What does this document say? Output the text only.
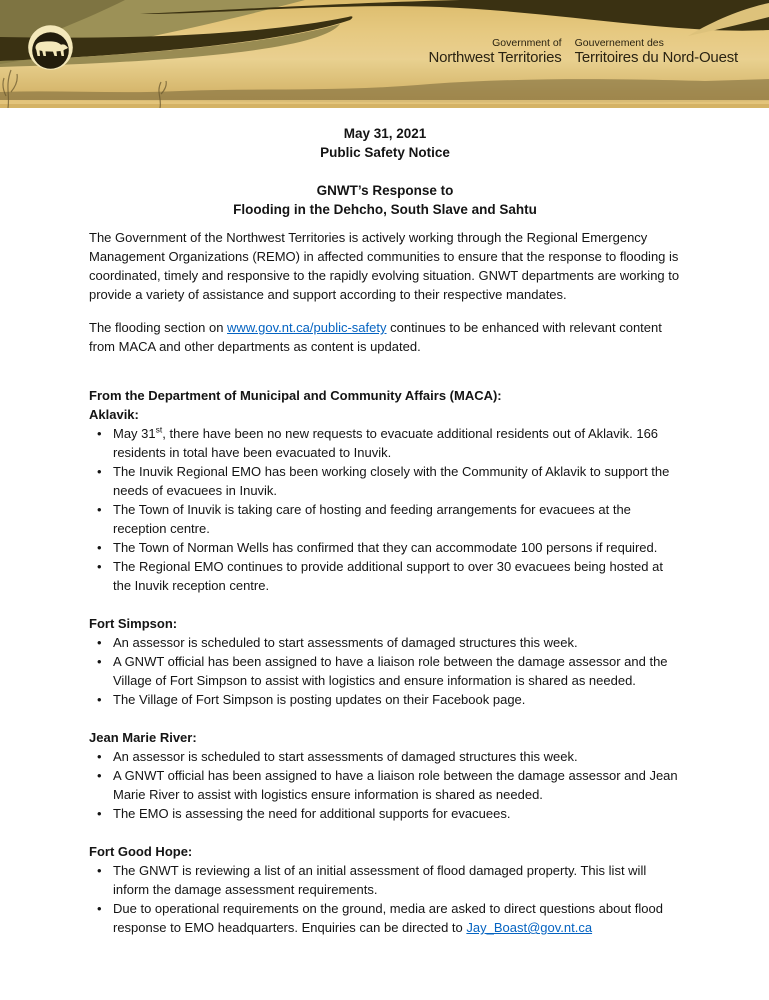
Government of
Northwest Territories
Gouvernement des
Territoires du Nord-Ouest
May 31, 2021
Public Safety Notice
GNWT’s Response to
Flooding in the Dehcho, South Slave and Sahtu

The Government of the Northwest Territories is actively working through the Regional Emergency Management Organizations (REMO) in affected communities to ensure that the response to flooding is coordinated, timely and responsive to the rapidly evolving situation. GNWT departments are working to provide a variety of assistance and support according to their respective mandates.

The flooding section on www.gov.nt.ca/public-safety continues to be enhanced with relevant content from MACA and other departments as content is updated.

From the Department of Municipal and Community Affairs (MACA):
Aklavik:
• May 31st, there have been no new requests to evacuate additional residents out of Aklavik. 166 residents in total have been evacuated to Inuvik.
• The Inuvik Regional EMO has been working closely with the Community of Aklavik to support the needs of evacuees in Inuvik.
• The Town of Inuvik is taking care of hosting and feeding arrangements for evacuees at the reception centre.
• The Town of Norman Wells has confirmed that they can accommodate 100 persons if required.
• The Regional EMO continues to provide additional support to over 30 evacuees being hosted at the Inuvik reception centre.
Fort Simpson:
• An assessor is scheduled to start assessments of damaged structures this week.
• A GNWT official has been assigned to have a liaison role between the damage assessor and the Village of Fort Simpson to assist with logistics and ensure information is shared as needed.
• The Village of Fort Simpson is posting updates on their Facebook page.
Jean Marie River:
• An assessor is scheduled to start assessments of damaged structures this week.
• A GNWT official has been assigned to have a liaison role between the damage assessor and Jean Marie River to assist with logistics ensure information is shared as needed.
• The EMO is assessing the need for additional supports for evacuees.
Fort Good Hope:
• The GNWT is reviewing a list of an initial assessment of flood damaged property. This list will inform the damage assessment requirements.
• Due to operational requirements on the ground, media are asked to direct questions about flood response to EMO headquarters. Enquiries can be directed to Jay_Boast@gov.nt.ca
